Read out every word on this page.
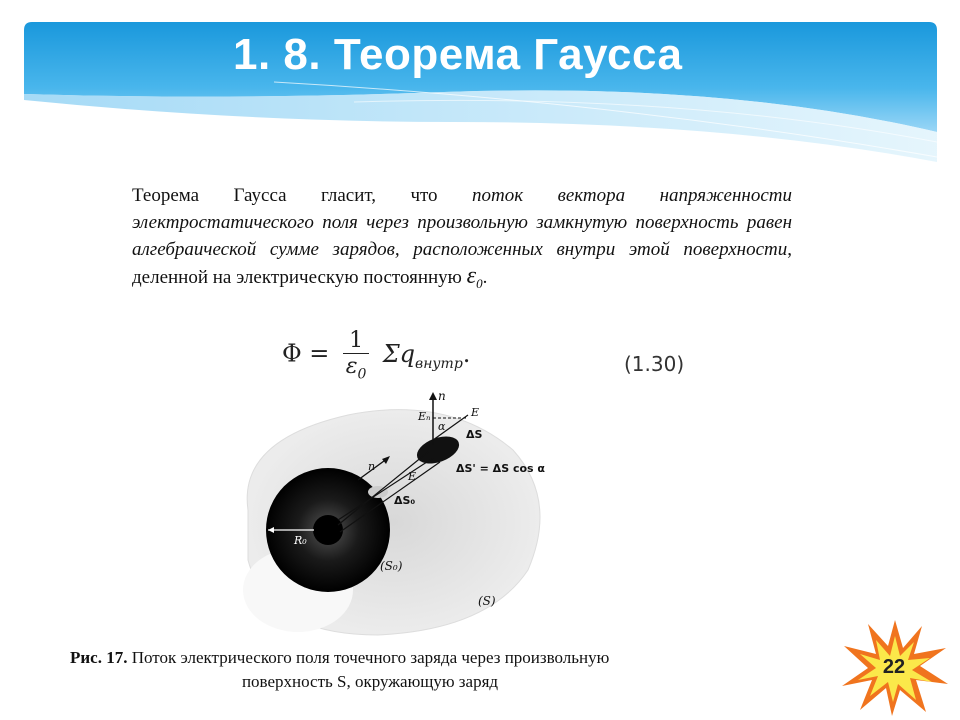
1. 8. Теорема Гаусса
Теорема Гаусса гласит, что поток вектора напряженности электростатического поля через произвольную замкнутую поверхность равен алгебраической сумме зарядов, расположенных внутри этой поверхности, деленной на электрическую постоянную $\varepsilon_0$.
$\Phi = \frac{1}{\varepsilon_0} \Sigma q_{внутр}$.	(1.30)
n
Eₙ
α
E
ΔS
ΔS' = ΔS cos α
n
E
ΔS₀
R₀
(S₀)
(S)
Рис. 17. Поток электрического поля точечного заряда через произвольную
поверхность S, окружающую заряд
22
